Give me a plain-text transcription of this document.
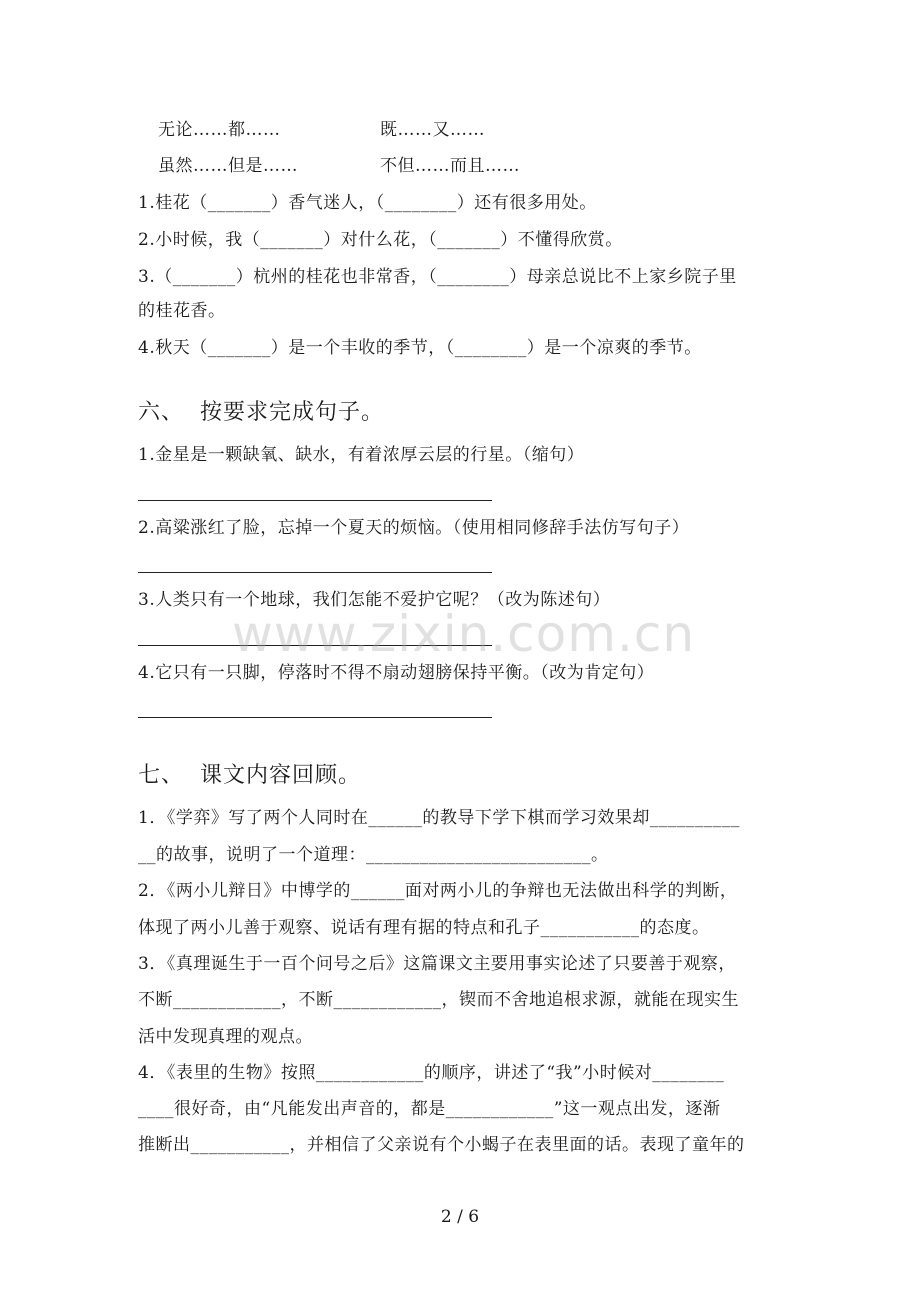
无论……都……	既……又……
虽然……但是……	不但……而且……
1.桂花（_______）香气迷人，（________）还有很多用处。
2.小时候，我（_______）对什么花，（_______）不懂得欣赏。
3.（_______）杭州的桂花也非常香，（________）母亲总说比不上家乡院子里
的桂花香。
4.秋天（_______）是一个丰收的季节，（________）是一个凉爽的季节。
六、 按要求完成句子。
1.金星是一颗缺氧、缺水，有着浓厚云层的行星。（缩句）
2.高粱涨红了脸，忘掉一个夏天的烦恼。（使用相同修辞手法仿写句子）
3.人类只有一个地球，我们怎能不爱护它呢？（改为陈述句）
4.它只有一只脚，停落时不得不扇动翅膀保持平衡。（改为肯定句）
七、 课文内容回顾。
1．《学弈》写了两个人同时在______的教导下学下棋而学习效果却__________
__的故事，说明了一个道理：_________________________。
2．《两小儿辩日》中博学的______面对两小儿的争辩也无法做出科学的判断，
体现了两小儿善于观察、说话有理有据的特点和孔子___________的态度。
3．《真理诞生于一百个问号之后》这篇课文主要用事实论述了只要善于观察，
不断____________，不断____________，锲而不舍地追根求源，就能在现实生
活中发现真理的观点。
4．《表里的生物》按照____________的顺序，讲述了“我”小时候对________
____很好奇，由“凡能发出声音的，都是____________”这一观点出发，逐渐
推断出___________，并相信了父亲说有个小蝎子在表里面的话。表现了童年的
www.zixin.com.cn
2 / 6
